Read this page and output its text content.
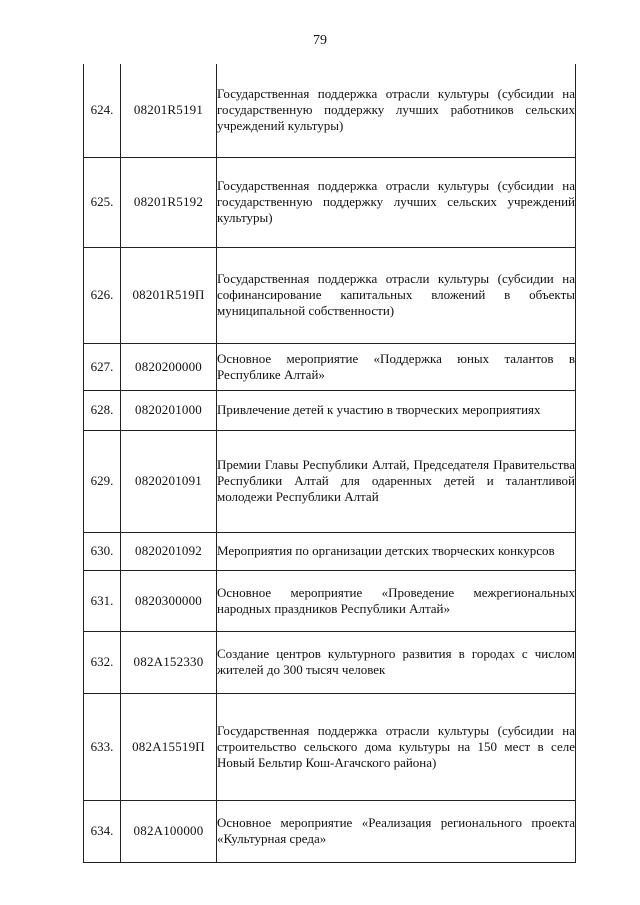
79
624.	08201R5191	Государственная поддержка отрасли культуры (субсидии на государственную поддержку лучших работников сельских учреждений культуры)

625.	08201R5192	Государственная поддержка отрасли культуры (субсидии на государственную поддержку лучших сельских учреждений культуры)

626.	08201R519П	Государственная поддержка отрасли культуры (субсидии на софинансирование капитальных вложений в объекты муниципальной собственности)

627.	0820200000	Основное мероприятие «Поддержка юных талантов в Республике Алтай»

628.	0820201000	Привлечение детей к участию в творческих мероприятиях

629.	0820201091	Премии Главы Республики Алтай, Председателя Правительства Республики Алтай для одаренных детей и талантливой молодежи Республики Алтай

630.	0820201092	Мероприятия по организации детских творческих конкурсов

631.	0820300000	Основное мероприятие «Проведение межрегиональных народных праздников Республики Алтай»

632.	082А152330	Создание центров культурного развития в городах с числом жителей до 300 тысяч человек

633.	082А15519П	Государственная поддержка отрасли культуры (субсидии на строительство сельского дома культуры на 150 мест в селе Новый Бельтир Кош-Агачского района)

634.	082А100000	Основное мероприятие «Реализация регионального проекта «Культурная среда»
